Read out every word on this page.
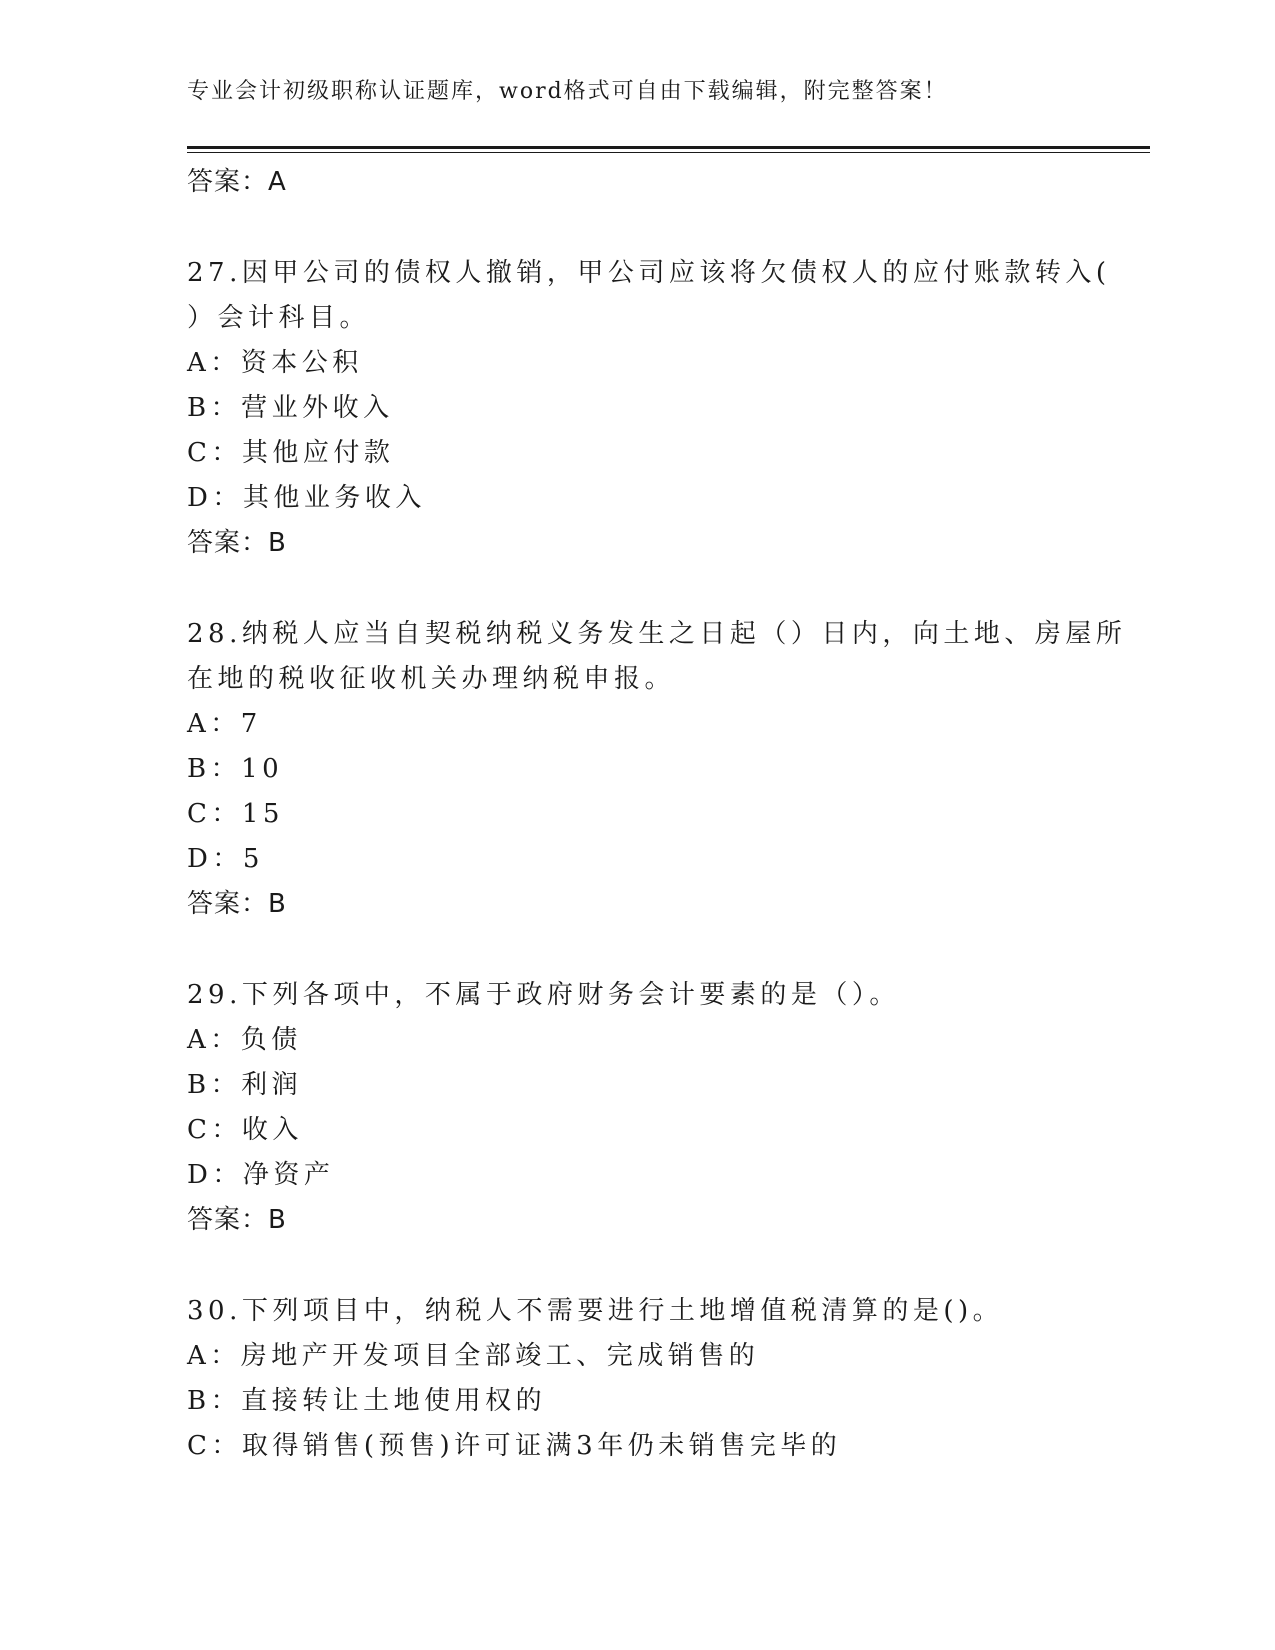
专业会计初级职称认证题库，word格式可自由下载编辑，附完整答案！
答案：A
27.因甲公司的债权人撤销，甲公司应该将欠债权人的应付账款转入(
）会计科目。
A：资本公积
B：营业外收入
C：其他应付款
D：其他业务收入
答案：B
28.纳税人应当自契税纳税义务发生之日起（）日内，向土地、房屋所
在地的税收征收机关办理纳税申报。
A：7
B：10
C：15
D：5
答案：B
29.下列各项中，不属于政府财务会计要素的是（）。
A：负债
B：利润
C：收入
D：净资产
答案：B
30.下列项目中，纳税人不需要进行土地增值税清算的是()。
A：房地产开发项目全部竣工、完成销售的
B：直接转让土地使用权的
C：取得销售(预售)许可证满3年仍未销售完毕的
